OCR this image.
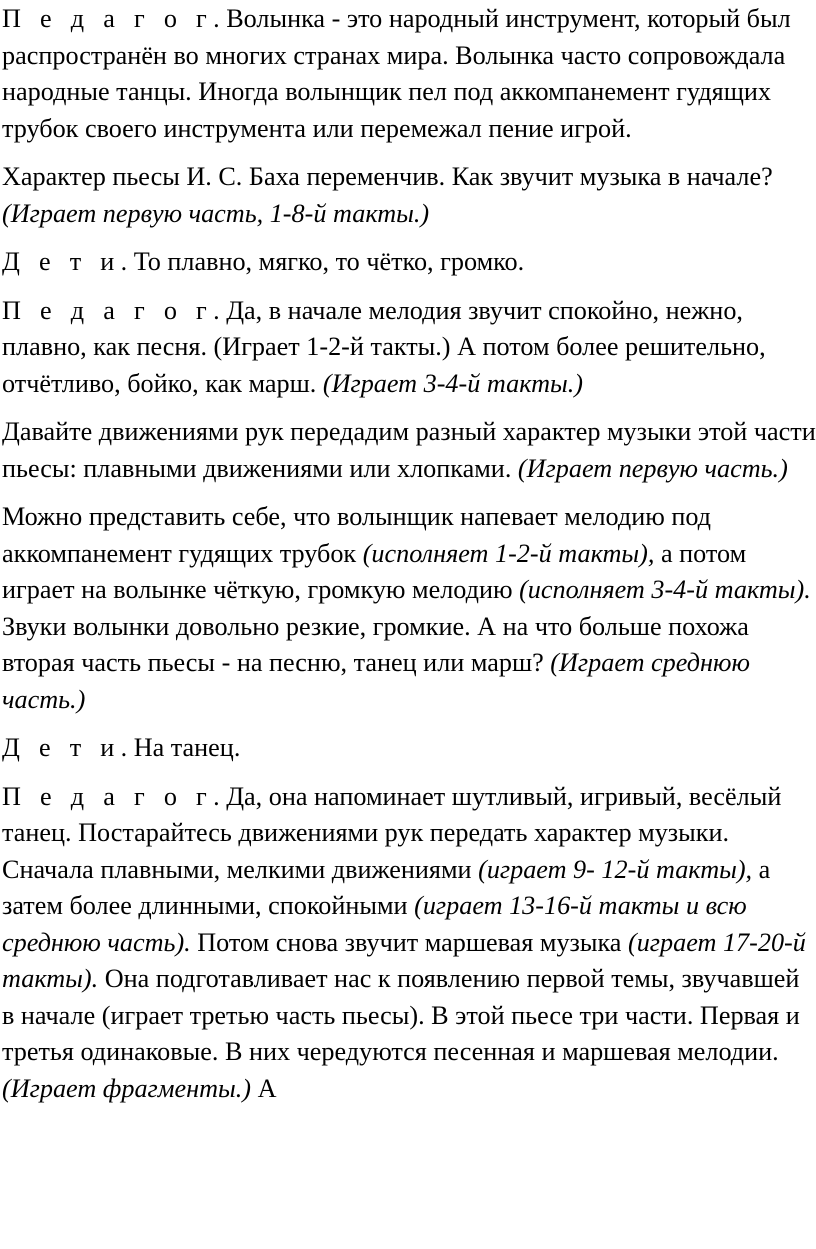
П е д а г о г. Волынка - это народный инструмент, который был распространён во многих странах мира. Волынка часто сопровождала народные танцы. Иногда волынщик пел под аккомпанемент гудящих трубок своего инструмента или перемежал пение игрой.

Характер пьесы И. С. Баха переменчив. Как звучит музыка в начале? (Играет первую часть, 1-8-й такты.)

Д е т и. То плавно, мягко, то чётко, громко.

П е д а г о г. Да, в начале мелодия звучит спокойно, нежно, плавно, как песня. (Играет 1-2-й такты.) А потом более решительно, отчётливо, бойко, как марш. (Играет 3-4-й такты.)

Давайте движениями рук передадим разный характер музыки этой части пьесы: плавными движениями или хлопками. (Играет первую часть.)

Можно представить себе, что волынщик напевает мелодию под аккомпанемент гудящих трубок (исполняет 1-2-й такты), а потом играет на волынке чёткую, громкую мелодию (исполняет 3-4-й такты). Звуки волынки довольно резкие, громкие. А на что больше похожа вторая часть пьесы - на песню, танец или марш? (Играет среднюю часть.)

Д е т и. На танец.

П е д а г о г. Да, она напоминает шутливый, игривый, весёлый танец. Постарайтесь движениями рук передать характер музыки. Сначала плавными, мелкими движениями (играет 9- 12-й такты), а затем более длинными, спокойными (играет 13-16-й такты и всю среднюю часть). Потом снова звучит маршевая музыка (играет 17-20-й такты). Она подготавливает нас к появлению первой темы, звучавшей в начале (играет третью часть пьесы). В этой пьесе три части. Первая и третья одинаковые. В них чередуются песенная и маршевая мелодии. (Играет фрагменты.) А
